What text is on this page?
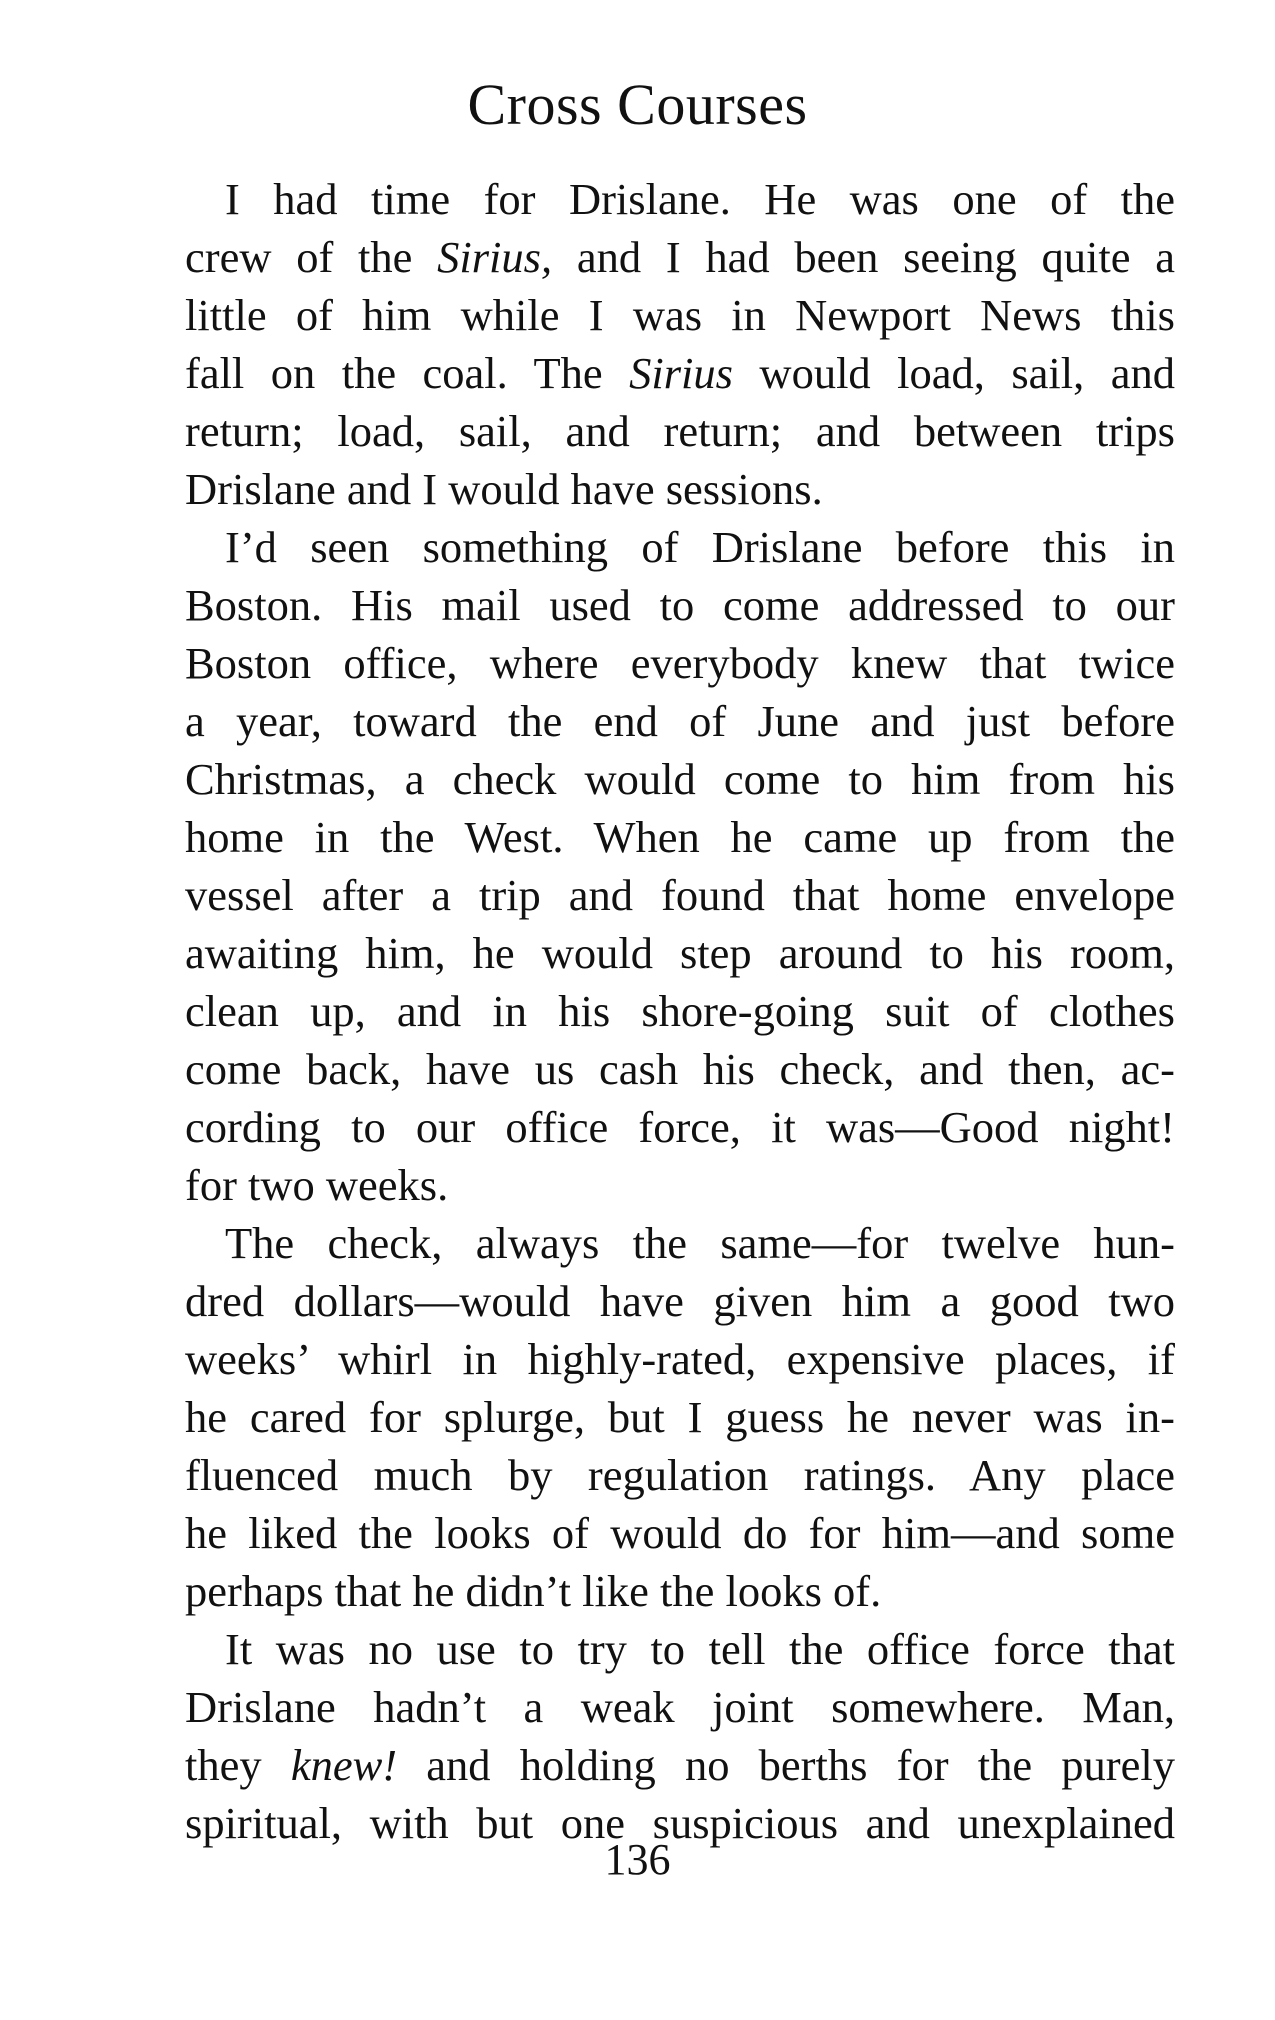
Cross Courses
I had time for Drislane. He was one of the
crew of the Sirius, and I had been seeing quite a
little of him while I was in Newport News this
fall on the coal. The Sirius would load, sail, and
return; load, sail, and return; and between trips
Drislane and I would have sessions.
I’d seen something of Drislane before this in
Boston. His mail used to come addressed to our
Boston office, where everybody knew that twice
a year, toward the end of June and just before
Christmas, a check would come to him from his
home in the West. When he came up from the
vessel after a trip and found that home envelope
awaiting him, he would step around to his room,
clean up, and in his shore-going suit of clothes
come back, have us cash his check, and then, ac-
cording to our office force, it was—Good night!
for two weeks.
The check, always the same—for twelve hun-
dred dollars—would have given him a good two
weeks’ whirl in highly-rated, expensive places, if
he cared for splurge, but I guess he never was in-
fluenced much by regulation ratings. Any place
he liked the looks of would do for him—and some
perhaps that he didn’t like the looks of.
It was no use to try to tell the office force that
Drislane hadn’t a weak joint somewhere. Man,
they knew! and holding no berths for the purely
spiritual, with but one suspicious and unexplained
136
